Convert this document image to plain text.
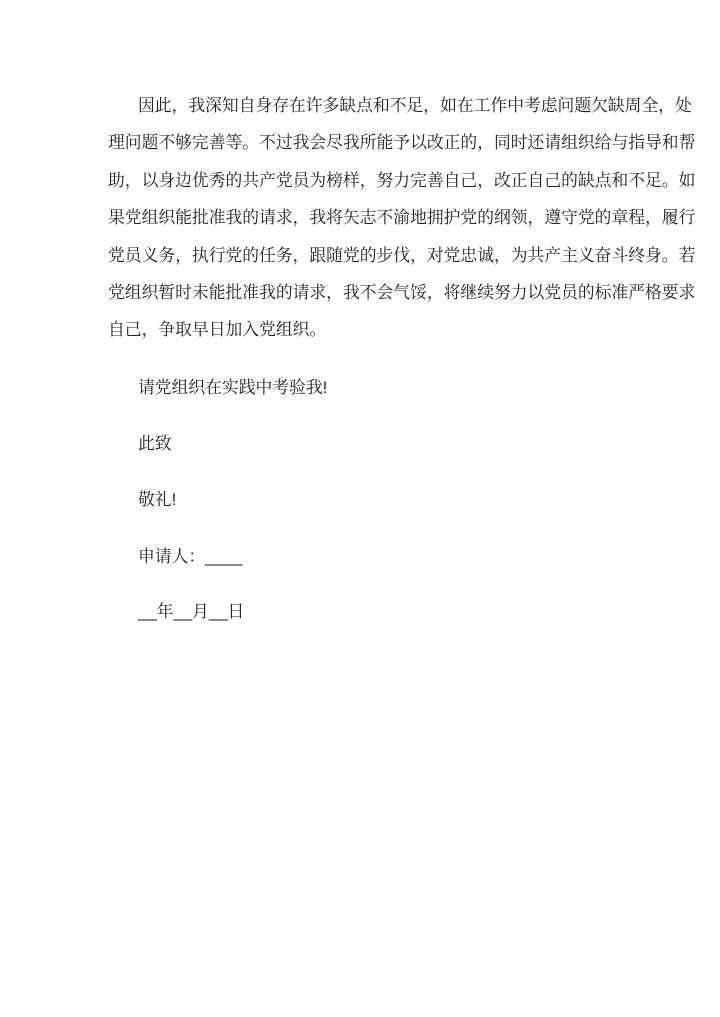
因此，我深知自身存在许多缺点和不足，如在工作中考虑问题欠缺周全，处
理问题不够完善等。不过我会尽我所能予以改正的，同时还请组织给与指导和帮
助，以身边优秀的共产党员为榜样，努力完善自己，改正自己的缺点和不足。如
果党组织能批准我的请求，我将矢志不渝地拥护党的纲领，遵守党的章程，履行
党员义务，执行党的任务，跟随党的步伐，对党忠诚，为共产主义奋斗终身。若
党组织暂时未能批准我的请求，我不会气馁，将继续努力以党员的标准严格要求
自己，争取早日加入党组织。
请党组织在实践中考验我!
此致
敬礼!
申请人：____
__年__月__日
